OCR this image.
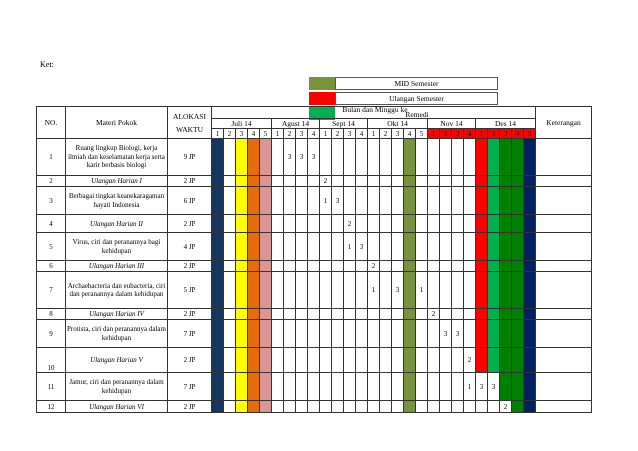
Ket:
MID Semester
Ulangan Semester
Remedi
Bulan dan Minggu ke
NO.	Materi Pokok	ALOKASI WAKTU																												Keterangan
			Juli 14					Agust 14				Sept 14				Okt 14					Nov 14				Des 14					
			1	2	3	4	5	1	2	3	4	1	2	3	4	1	2	3	4	5	1	2	3	4	1	2	3	4	5	
1	Ruang lingkup Biologi, kerja ilmiah dan keselamatan kerja serta karir berbasis biologi	9 JP							3	3	3																			
2	Ulangan Harian I	2 JP										2																		
3	Berbagai tingkat keanekaragaman hayati Indonesia	6 JP										1	3																	
4	Ulangan Harian II	2 JP												2																
5	Virus, ciri dan peranannya bagi kehidupan	4 JP												1	3															
6	Ulangan Harian III	2 JP														2														
7	Archaebacteria dan eubacteria, ciri dan peranannya dalam kehidupan	5 JP														1		3		1										
8	Ulangan Harian IV	2 JP																			2									
9	Protista, ciri dan peranannya dalam kehidupan	7 JP																				3	3							
10	Ulangan Harian V	2 JP																						2						
11	Jamur, ciri dan peranannya dalam kehidupan	7 JP																						1	3	3				
12	Ulangan Harian VI	2 JP																									2			
